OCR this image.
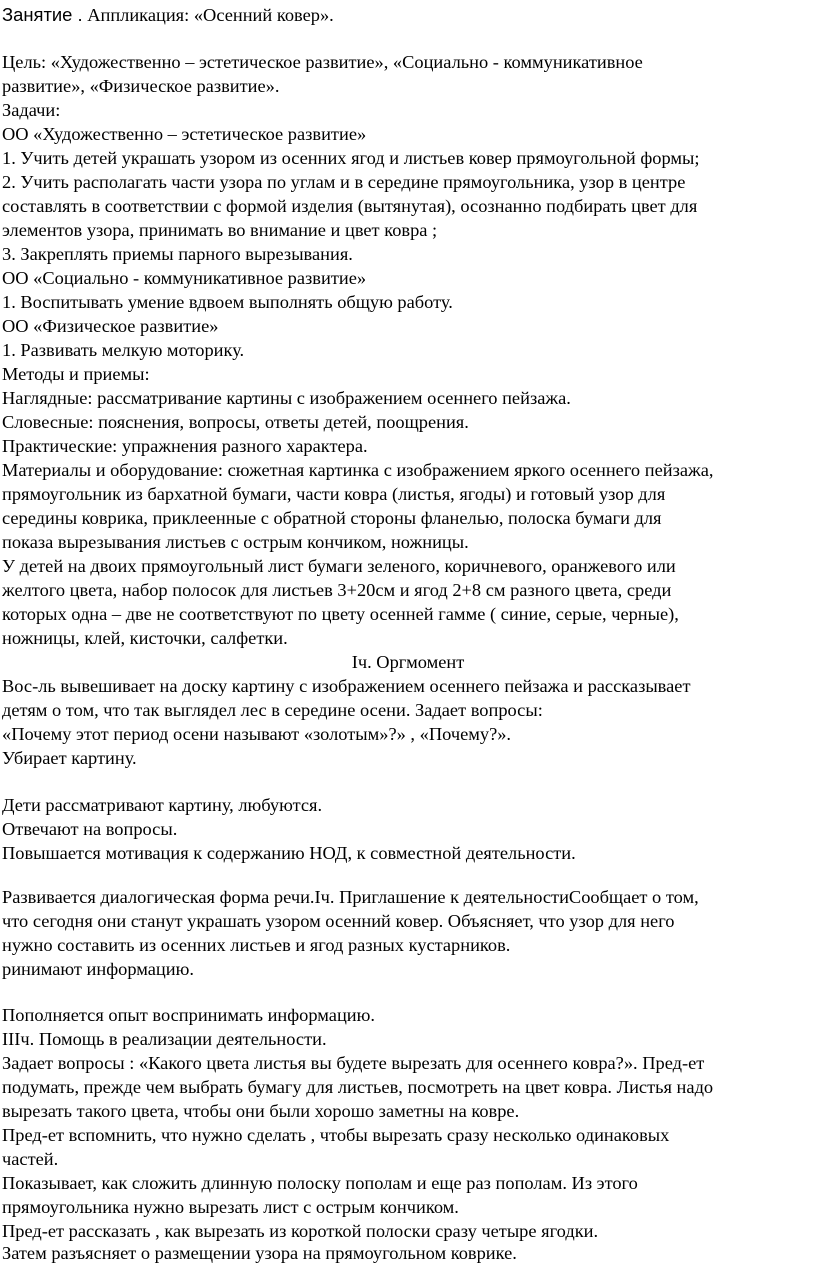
Занятие . Аппликация: «Осенний ковер».
Цель: «Художественно – эстетическое развитие», «Социально - коммуникативное
развитие», «Физическое развитие».
Задачи:
ОО «Художественно – эстетическое развитие»
1. Учить детей украшать узором из осенних ягод и листьев ковер прямоугольной формы;
2. Учить располагать части узора по углам и в середине прямоугольника, узор в центре
составлять в соответствии с формой изделия (вытянутая), осознанно подбирать цвет для
элементов узора, принимать во внимание и цвет ковра ;
3. Закреплять приемы парного вырезывания.
ОО «Социально - коммуникативное развитие»
1. Воспитывать умение вдвоем выполнять общую работу.
ОО «Физическое развитие»
1. Развивать мелкую моторику.
Методы и приемы:
Наглядные: рассматривание картины с изображением осеннего пейзажа.
Словесные: пояснения, вопросы, ответы детей, поощрения.
Практические: упражнения разного характера.
Материалы и оборудование: сюжетная картинка с изображением яркого осеннего пейзажа,
прямоугольник из бархатной бумаги, части ковра (листья, ягоды) и готовый узор для
середины коврика, приклеенные с обратной стороны фланелью, полоска бумаги для
показа вырезывания листьев с острым кончиком, ножницы.
У детей на двоих прямоугольный лист бумаги зеленого, коричневого, оранжевого или
желтого цвета, набор полосок для листьев 3+20см и ягод 2+8 см разного цвета, среди
которых одна – две не соответствуют по цвету осенней гамме ( синие, серые, черные),
ножницы, клей, кисточки, салфетки.
Iч. Оргмомент
Вос-ль вывешивает на доску картину с изображением осеннего пейзажа и рассказывает
детям о том, что так выглядел лес в середине осени. Задает вопросы:
«Почему этот период осени называют «золотым»?» , «Почему?».
Убирает картину.
Дети рассматривают картину, любуются.
Отвечают на вопросы.
Повышается мотивация к содержанию НОД, к совместной деятельности.
Развивается диалогическая форма речи.Iч. Приглашение к деятельностиСообщает о том,
что сегодня они станут украшать узором осенний ковер. Объясняет, что узор для него
нужно составить из осенних листьев и ягод разных кустарников.
ринимают информацию.
Пополняется опыт воспринимать информацию.
IIIч. Помощь в реализации деятельности.
Задает вопросы : «Какого цвета листья вы будете вырезать для осеннего ковра?». Пред-ет
подумать, прежде чем выбрать бумагу для листьев, посмотреть на цвет ковра. Листья надо
вырезать такого цвета, чтобы они были хорошо заметны на ковре.
Пред-ет вспомнить, что нужно сделать , чтобы вырезать сразу несколько одинаковых
частей.
Показывает, как сложить длинную полоску пополам и еще раз пополам. Из этого
прямоугольника нужно вырезать лист с острым кончиком.
Пред-ет рассказать , как вырезать из короткой полоски сразу четыре ягодки.
Затем разъясняет о размещении узора на прямоугольном коврике.
